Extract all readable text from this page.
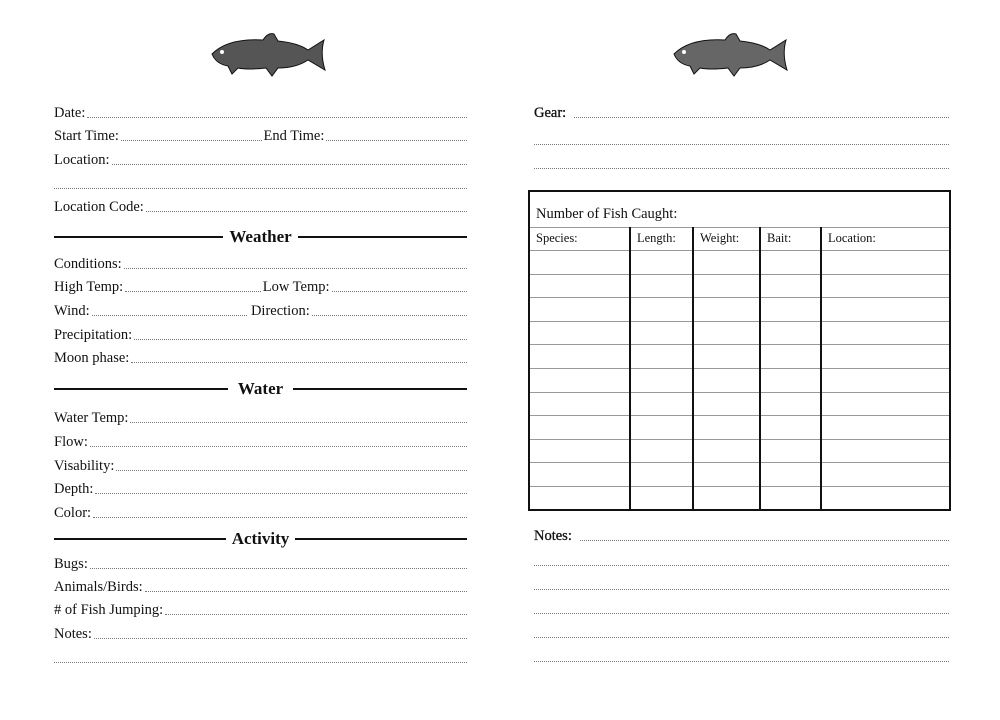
Date:
Start Time:	End Time:
Location:
Location Code:
Weather
Conditions:
High Temp:	Low Temp:
Wind:	Direction:
Precipitation:
Moon phase:
Water
Water Temp:
Flow:
Visability:
Depth:
Color:
Activity
Bugs:
Animals/Birds:
# of Fish Jumping:
Notes:
Gear:
Number of Fish Caught:				
Species:	Length:	Weight:	Bait:	Location:

Notes:
